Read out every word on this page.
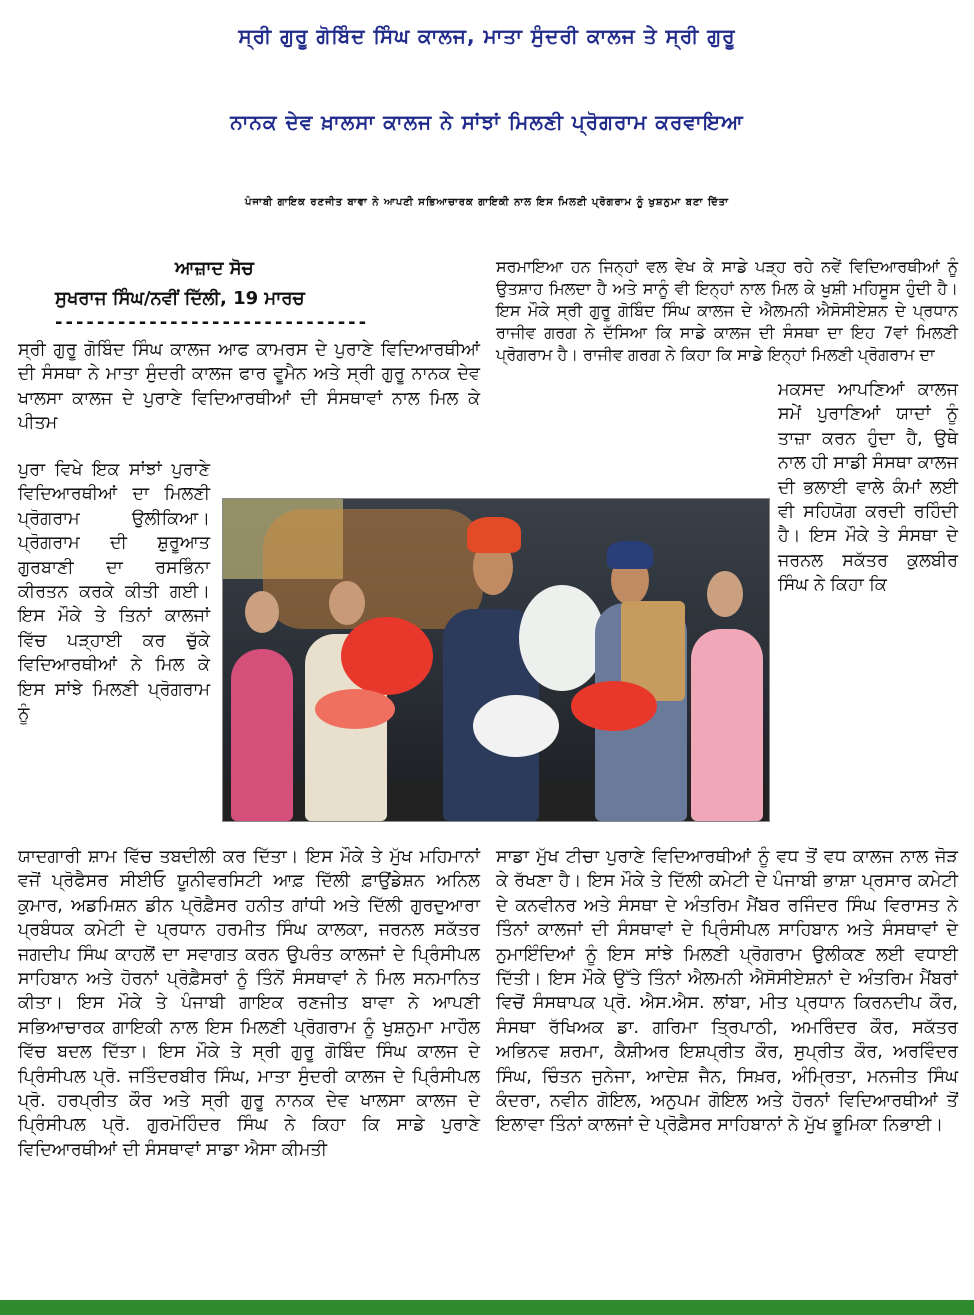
ਸ੍ਰੀ ਗੁਰੂ ਗੋਬਿੰਦ ਸਿੰਘ ਕਾਲਜ, ਮਾਤਾ ਸੁੰਦਰੀ ਕਾਲਜ ਤੇ ਸ੍ਰੀ ਗੁਰੂ
ਨਾਨਕ ਦੇਵ ਖ਼ਾਲਸਾ ਕਾਲਜ ਨੇ ਸਾਂਝਾਂ ਮਿਲਣੀ ਪ੍ਰੋਗਰਾਮ ਕਰਵਾਇਆ
ਪੰਜਾਬੀ ਗਾਇਕ ਰਣਜੀਤ ਬਾਵਾ ਨੇ ਆਪਣੀ ਸਭਿਆਚਾਰਕ ਗਾਇਕੀ ਨਾਲ ਇਸ ਮਿਲਣੀ ਪ੍ਰੋਗਰਾਮ ਨੂੰ ਖੁਸ਼ਨੁਮਾ ਬਣਾ ਦਿੱਤਾ
ਆਜ਼ਾਦ ਸੋਚ
ਸੁਖਰਾਜ ਸਿੰਘ/ਨਵੀਂ ਦਿੱਲੀ, 19 ਮਾਰਚ
------------------------------

ਸ੍ਰੀ ਗੁਰੂ ਗੋਬਿੰਦ ਸਿੰਘ ਕਾਲਜ ਆਫ ਕਾਮਰਸ ਦੇ ਪੁਰਾਣੇ ਵਿਦਿਆਰਥੀਆਂ ਦੀ ਸੰਸਥਾ ਨੇ ਮਾਤਾ ਸੁੰਦਰੀ ਕਾਲਜ ਫਾਰ ਵੂਮੈਨ ਅਤੇ ਸ੍ਰੀ ਗੁਰੂ ਨਾਨਕ ਦੇਵ ਖਾਲਸਾ ਕਾਲਜ ਦੇ ਪੁਰਾਣੇ ਵਿਦਿਆਰਥੀਆਂ ਦੀ ਸੰਸਥਾਵਾਂ ਨਾਲ ਮਿਲ ਕੇ ਪੀਤਮ

ਪੁਰਾ ਵਿਖੇ ਇਕ ਸਾਂਝਾਂ ਪੁਰਾਣੇ ਵਿਦਿਆਰਥੀਆਂ ਦਾ ਮਿਲਣੀ ਪ੍ਰੋਗਰਾਮ ਉਲੀਕਿਆ। ਪ੍ਰੋਗਰਾਮ ਦੀ ਸ਼ੁਰੂਆਤ ਗੁਰਬਾਣੀ ਦਾ ਰਸਭਿੰਨਾ ਕੀਰਤਨ ਕਰਕੇ ਕੀਤੀ ਗਈ। ਇਸ ਮੌਕੇ ਤੇ ਤਿਨਾਂ ਕਾਲਜਾਂ ਵਿੱਚ ਪੜ੍ਹਾਈ ਕਰ ਚੁੱਕੇ ਵਿਦਿਆਰਥੀਆਂ ਨੇ ਮਿਲ ਕੇ ਇਸ ਸਾਂਝੇ ਮਿਲਣੀ ਪ੍ਰੋਗਰਾਮ ਨੂੰ

ਯਾਦਗਾਰੀ ਸ਼ਾਮ ਵਿੱਚ ਤਬਦੀਲੀ ਕਰ ਦਿੱਤਾ। ਇਸ ਮੌਕੇ ਤੇ ਮੁੱਖ ਮਹਿਮਾਨਾਂ ਵਜੋਂ ਪ੍ਰੋਫੈਸਰ ਸੀਈਓ ਯੂਨੀਵਰਸਿਟੀ ਆਫ਼ ਦਿੱਲੀ ਫ਼ਾਉਂਡੇਸ਼ਨ ਅਨਿਲ ਕੁਮਾਰ, ਅਡਮਿਸ਼ਨ ਡੀਨ ਪ੍ਰੋਫ਼ੈਸਰ ਹਨੀਤ ਗਾਂਧੀ ਅਤੇ ਦਿੱਲੀ ਗੁਰਦੁਆਰਾ ਪ੍ਰਬੰਧਕ ਕਮੇਟੀ ਦੇ ਪ੍ਰਧਾਨ ਹਰਮੀਤ ਸਿੰਘ ਕਾਲਕਾ, ਜਰਨਲ ਸਕੱਤਰ ਜਗਦੀਪ ਸਿੰਘ ਕਾਹਲੋਂ ਦਾ ਸਵਾਗਤ ਕਰਨ ਉਪਰੰਤ ਕਾਲਜਾਂ ਦੇ ਪ੍ਰਿੰਸੀਪਲ ਸਾਹਿਬਾਨ ਅਤੇ ਹੋਰਨਾਂ ਪ੍ਰੋਫ਼ੈਸਰਾਂ ਨੂੰ ਤਿੰਨੋਂ ਸੰਸਥਾਵਾਂ ਨੇ ਮਿਲ ਸਨਮਾਨਿਤ ਕੀਤਾ। ਇਸ ਮੌਕੇ ਤੇ ਪੰਜਾਬੀ ਗਾਇਕ ਰਣਜੀਤ ਬਾਵਾ ਨੇ ਆਪਣੀ ਸਭਿਆਚਾਰਕ ਗਾਇਕੀ ਨਾਲ ਇਸ ਮਿਲਣੀ ਪ੍ਰੋਗਰਾਮ ਨੂੰ ਖੁਸ਼ਨੁਮਾ ਮਾਹੌਲ ਵਿੱਚ ਬਦਲ ਦਿੱਤਾ। ਇਸ ਮੌਕੇ ਤੇ ਸ੍ਰੀ ਗੁਰੂ ਗੋਬਿੰਦ ਸਿੰਘ ਕਾਲਜ ਦੇ ਪ੍ਰਿੰਸੀਪਲ ਪ੍ਰੋ. ਜਤਿੰਦਰਬੀਰ ਸਿੰਘ, ਮਾਤਾ ਸੁੰਦਰੀ ਕਾਲਜ ਦੇ ਪ੍ਰਿੰਸੀਪਲ ਪ੍ਰੋ. ਹਰਪ੍ਰੀਤ ਕੌਰ ਅਤੇ ਸ੍ਰੀ ਗੁਰੂ ਨਾਨਕ ਦੇਵ ਖਾਲਸਾ ਕਾਲਜ ਦੇ ਪ੍ਰਿੰਸੀਪਲ ਪ੍ਰੋ. ਗੁਰਮੋਹਿੰਦਰ ਸਿੰਘ ਨੇ ਕਿਹਾ ਕਿ ਸਾਡੇ ਪੁਰਾਣੇ ਵਿਦਿਆਰਥੀਆਂ ਦੀ ਸੰਸਥਾਵਾਂ ਸਾਡਾ ਐਸਾ ਕੀਮਤੀ

ਸਰਮਾਇਆ ਹਨ ਜਿਨ੍ਹਾਂ ਵਲ ਵੇਖ ਕੇ ਸਾਡੇ ਪੜ੍ਹ ਰਹੇ ਨਵੇਂ ਵਿਦਿਆਰਥੀਆਂ ਨੂੰ ਉਤਸ਼ਾਹ ਮਿਲਦਾ ਹੈ ਅਤੇ ਸਾਨੂੰ ਵੀ ਇਨ੍ਹਾਂ ਨਾਲ ਮਿਲ ਕੇ ਖੁਸ਼ੀ ਮਹਿਸੂਸ ਹੁੰਦੀ ਹੈ। ਇਸ ਮੌਕੇ ਸ੍ਰੀ ਗੁਰੂ ਗੋਬਿੰਦ ਸਿੰਘ ਕਾਲਜ ਦੇ ਐਲਮਨੀ ਐਸੋਸੀਏਸ਼ਨ ਦੇ ਪ੍ਰਧਾਨ ਰਾਜੀਵ ਗਰਗ ਨੇ ਦੱਸਿਆ ਕਿ ਸਾਡੇ ਕਾਲਜ ਦੀ ਸੰਸਥਾ ਦਾ ਇਹ 7ਵਾਂ ਮਿਲਣੀ ਪ੍ਰੋਗਰਾਮ ਹੈ। ਰਾਜੀਵ ਗਰਗ ਨੇ ਕਿਹਾ ਕਿ ਸਾਡੇ ਇਨ੍ਹਾਂ ਮਿਲਣੀ ਪ੍ਰੋਗਰਾਮ ਦਾ

ਮਕਸਦ ਆਪਣਿਆਂ ਕਾਲਜ ਸਮੇਂ ਪੁਰਾਣਿਆਂ ਯਾਦਾਂ ਨੂੰ ਤਾਜ਼ਾ ਕਰਨ ਹੁੰਦਾ ਹੈ, ਉਥੇ ਨਾਲ ਹੀ ਸਾਡੀ ਸੰਸਥਾ ਕਾਲਜ ਦੀ ਭਲਾਈ ਵਾਲੇ ਕੰਮਾਂ ਲਈ ਵੀ ਸਹਿਯੋਗ ਕਰਦੀ ਰਹਿੰਦੀ ਹੈ। ਇਸ ਮੌਕੇ ਤੇ ਸੰਸਥਾ ਦੇ ਜਰਨਲ ਸਕੱਤਰ ਕੁਲਬੀਰ ਸਿੰਘ ਨੇ ਕਿਹਾ ਕਿ

ਸਾਡਾ ਮੁੱਖ ਟੀਚਾ ਪੁਰਾਣੇ ਵਿਦਿਆਰਥੀਆਂ ਨੂੰ ਵਧ ਤੋਂ ਵਧ ਕਾਲਜ ਨਾਲ ਜੋੜ ਕੇ ਰੱਖਣਾ ਹੈ। ਇਸ ਮੌਕੇ ਤੇ ਦਿੱਲੀ ਕਮੇਟੀ ਦੇ ਪੰਜਾਬੀ ਭਾਸ਼ਾ ਪ੍ਰਸਾਰ ਕਮੇਟੀ ਦੇ ਕਨਵੀਨਰ ਅਤੇ ਸੰਸਥਾ ਦੇ ਅੰਤਰਿਮ ਮੈਂਬਰ ਰਜਿੰਦਰ ਸਿੰਘ ਵਿਰਾਸਤ ਨੇ ਤਿੰਨਾਂ ਕਾਲਜਾਂ ਦੀ ਸੰਸਥਾਵਾਂ ਦੇ ਪ੍ਰਿੰਸੀਪਲ ਸਾਹਿਬਾਨ ਅਤੇ ਸੰਸਥਾਵਾਂ ਦੇ ਨੁਮਾਇੰਦਿਆਂ ਨੂੰ ਇਸ ਸਾਂਝੇ ਮਿਲਣੀ ਪ੍ਰੋਗਰਾਮ ਉਲੀਕਣ ਲਈ ਵਧਾਈ ਦਿੱਤੀ। ਇਸ ਮੌਕੇ ਉੱਤੇ ਤਿੰਨਾਂ ਐਲਮਨੀ ਐਸੋਸੀਏਸ਼ਨਾਂ ਦੇ ਅੰਤਰਿਮ ਮੈਂਬਰਾਂ ਵਿਚੋਂ ਸੰਸਥਾਪਕ ਪ੍ਰੋ. ਐਸ.ਐਸ. ਲਾਂਬਾ, ਮੀਤ ਪ੍ਰਧਾਨ ਕਿਰਨਦੀਪ ਕੌਰ, ਸੰਸਥਾ ਰੱਖਿਅਕ ਡਾ. ਗਰਿਮਾ ਤ੍ਰਿਪਾਠੀ, ਅਮਰਿੰਦਰ ਕੌਰ, ਸਕੱਤਰ ਅਭਿਨਵ ਸ਼ਰਮਾ, ਕੈਸ਼ੀਅਰ ਇਸ਼ਪ੍ਰੀਤ ਕੌਰ, ਸੁਪ੍ਰੀਤ ਕੌਰ, ਅਰਵਿੰਦਰ ਸਿੰਘ, ਚਿੰਤਨ ਜੁਨੇਜਾ, ਆਦੇਸ਼ ਜੈਨ, ਸਿਖ਼ਰ, ਅੰਮ੍ਰਿਤਾ, ਮਨਜੀਤ ਸਿੰਘ ਕੰਦਰਾ, ਨਵੀਨ ਗੋਇਲ, ਅਨੁਪਮ ਗੋਇਲ ਅਤੇ ਹੋਰਨਾਂ ਵਿਦਿਆਰਥੀਆਂ ਤੋਂ ਇਲਾਵਾ ਤਿੰਨਾਂ ਕਾਲਜਾਂ ਦੇ ਪ੍ਰੋਫ਼ੈਸਰ ਸਾਹਿਬਾਨਾਂ ਨੇ ਮੁੱਖ ਭੂਮਿਕਾ ਨਿਭਾਈ।
